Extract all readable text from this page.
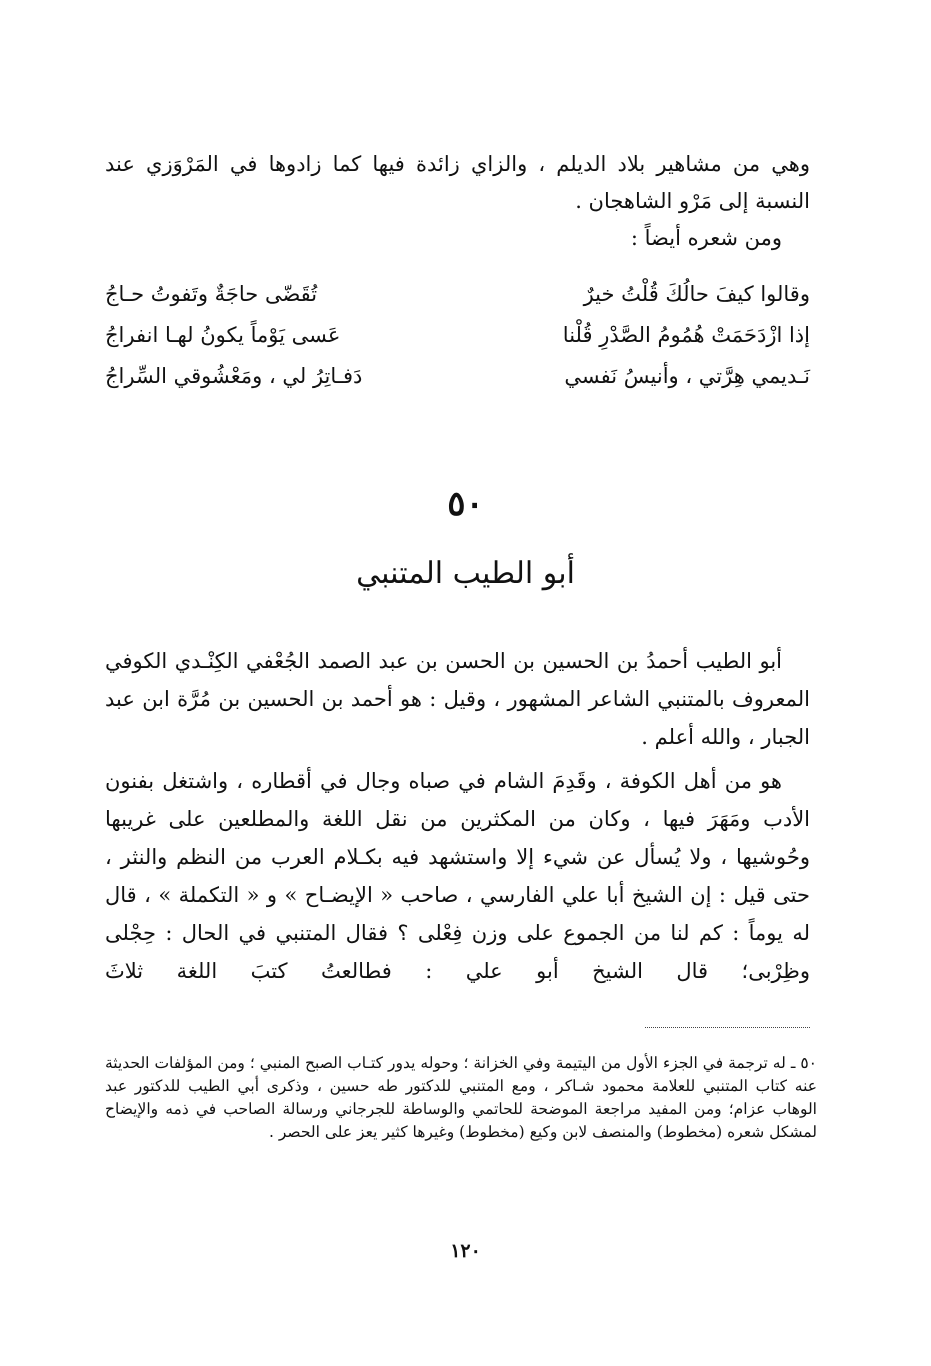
وهي من مشاهير بلاد الديلم ، والزاي زائدة فيها كما زادوها في المَرْوَزي عند النسبة إلى مَرْو الشاهجان .

ومن شعره أيضاً :

وقالوا كيفَ حالُكَ قُلْتُ خيرٌ
تُقَضّى حاجَةٌ وتَفوتُ حـاجُ
إذا ازْدَحَمَتْ هُمُومُ الصَّدْرِ قُلْنا
عَسى يَوْماً يكونُ لهـا انفراجُ
نَـديمي هِرَّتي ، وأنيسُ نَفسي
دَفـاتِرُ لي ، ومَعْشُوقي السِّراجُ
٥٠
أبو الطيب المتنبي

أبو الطيب أحمدُ بن الحسين بن الحسن بن عبد الصمد الجُعْفي الكِنْـدي الكوفي المعروف بالمتنبي الشاعر المشهور ، وقيل : هو أحمد بن الحسين بن مُرَّة ابن عبد الجبار ، والله أعلم .

هو من أهل الكوفة ، وقَدِمَ الشام في صباه وجال في أقطاره ، واشتغل بفنون الأدب ومَهَرَ فيها ، وكان من المكثرين من نقل اللغة والمطلعين على غريبها وحُوشيها ، ولا يُسأل عن شيء إلا واستشهد فيه بكـلام العرب من النظم والنثر ، حتى قيل : إن الشيخ أبا علي الفارسي ، صاحب « الإيضـاح » و « التكملة » ، قال له يوماً : كم لنا من الجموع على وزن فِعْلى ؟ فقال المتنبي في الحال : حِجْلى وظِرْبى؛ قال الشيخ أبو علي : فطالعتُ كتبَ اللغة ثلاثَ

٥٠ ـ له ترجمة في الجزء الأول من اليتيمة وفي الخزانة ؛ وحوله يدور كتـاب الصبح المنبي ؛ ومن المؤلفات الحديثة عنه كتاب المتنبي للعلامة محمود شـاكر ، ومع المتنبي للدكتور طه حسين ، وذكرى أبي الطيب للدكتور عبد الوهاب عزام؛ ومن المفيد مراجعة الموضحة للحاتمي والوساطة للجرجاني ورسالة الصاحب في ذمه والإيضاح لمشكل شعره (مخطوط) والمنصف لابن وكيع (مخطوط) وغيرها كثير يعز على الحصر .

١٢٠
